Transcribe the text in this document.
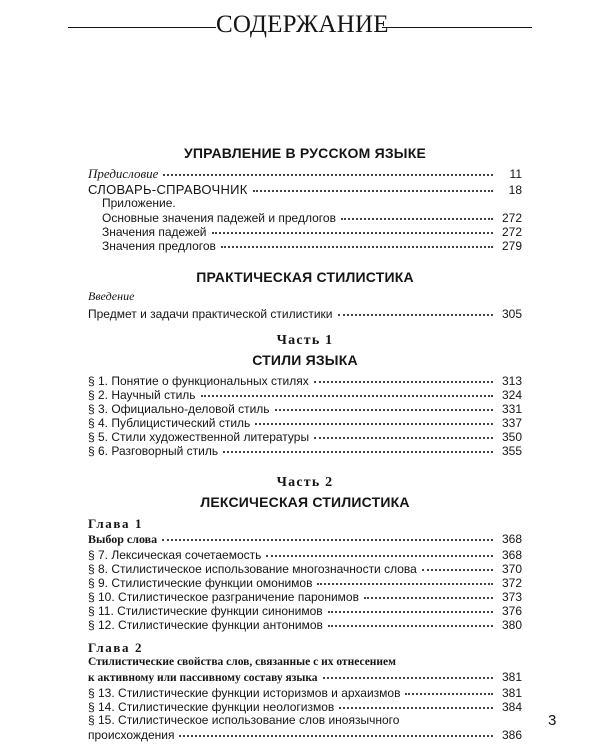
СОДЕРЖАНИЕ
УПРАВЛЕНИЕ В РУССКОМ ЯЗЫКЕ
Предисловие	11
СЛОВАРЬ-СПРАВОЧНИК	18
Приложение.
Основные значения падежей и предлогов	272
Значения падежей	272
Значения предлогов	279
ПРАКТИЧЕСКАЯ СТИЛИСТИКА
Введение
Предмет и задачи практической стилистики	305
Часть 1
СТИЛИ ЯЗЫКА
§ 1. Понятие о функциональных стилях	313
§ 2. Научный стиль	324
§ 3. Официально-деловой стиль	331
§ 4. Публицистический стиль	337
§ 5. Стили художественной литературы	350
§ 6. Разговорный стиль	355
Часть 2
ЛЕКСИЧЕСКАЯ СТИЛИСТИКА
Глава 1
Выбор слова	368
§ 7. Лексическая сочетаемость	368
§ 8. Стилистическое использование многозначности слова	370
§ 9. Стилистические функции омонимов	372
§ 10. Стилистическое разграничение паронимов	373
§ 11. Стилистические функции синонимов	376
§ 12. Стилистические функции антонимов	380
Глава 2
Стилистические свойства слов, связанные с их отнесением
к активному или пассивному составу языка	381
§ 13. Стилистические функции историзмов и архаизмов	381
§ 14. Стилистические функции неологизмов	384
§ 15. Стилистическое использование слов иноязычного
происхождения	386
3
